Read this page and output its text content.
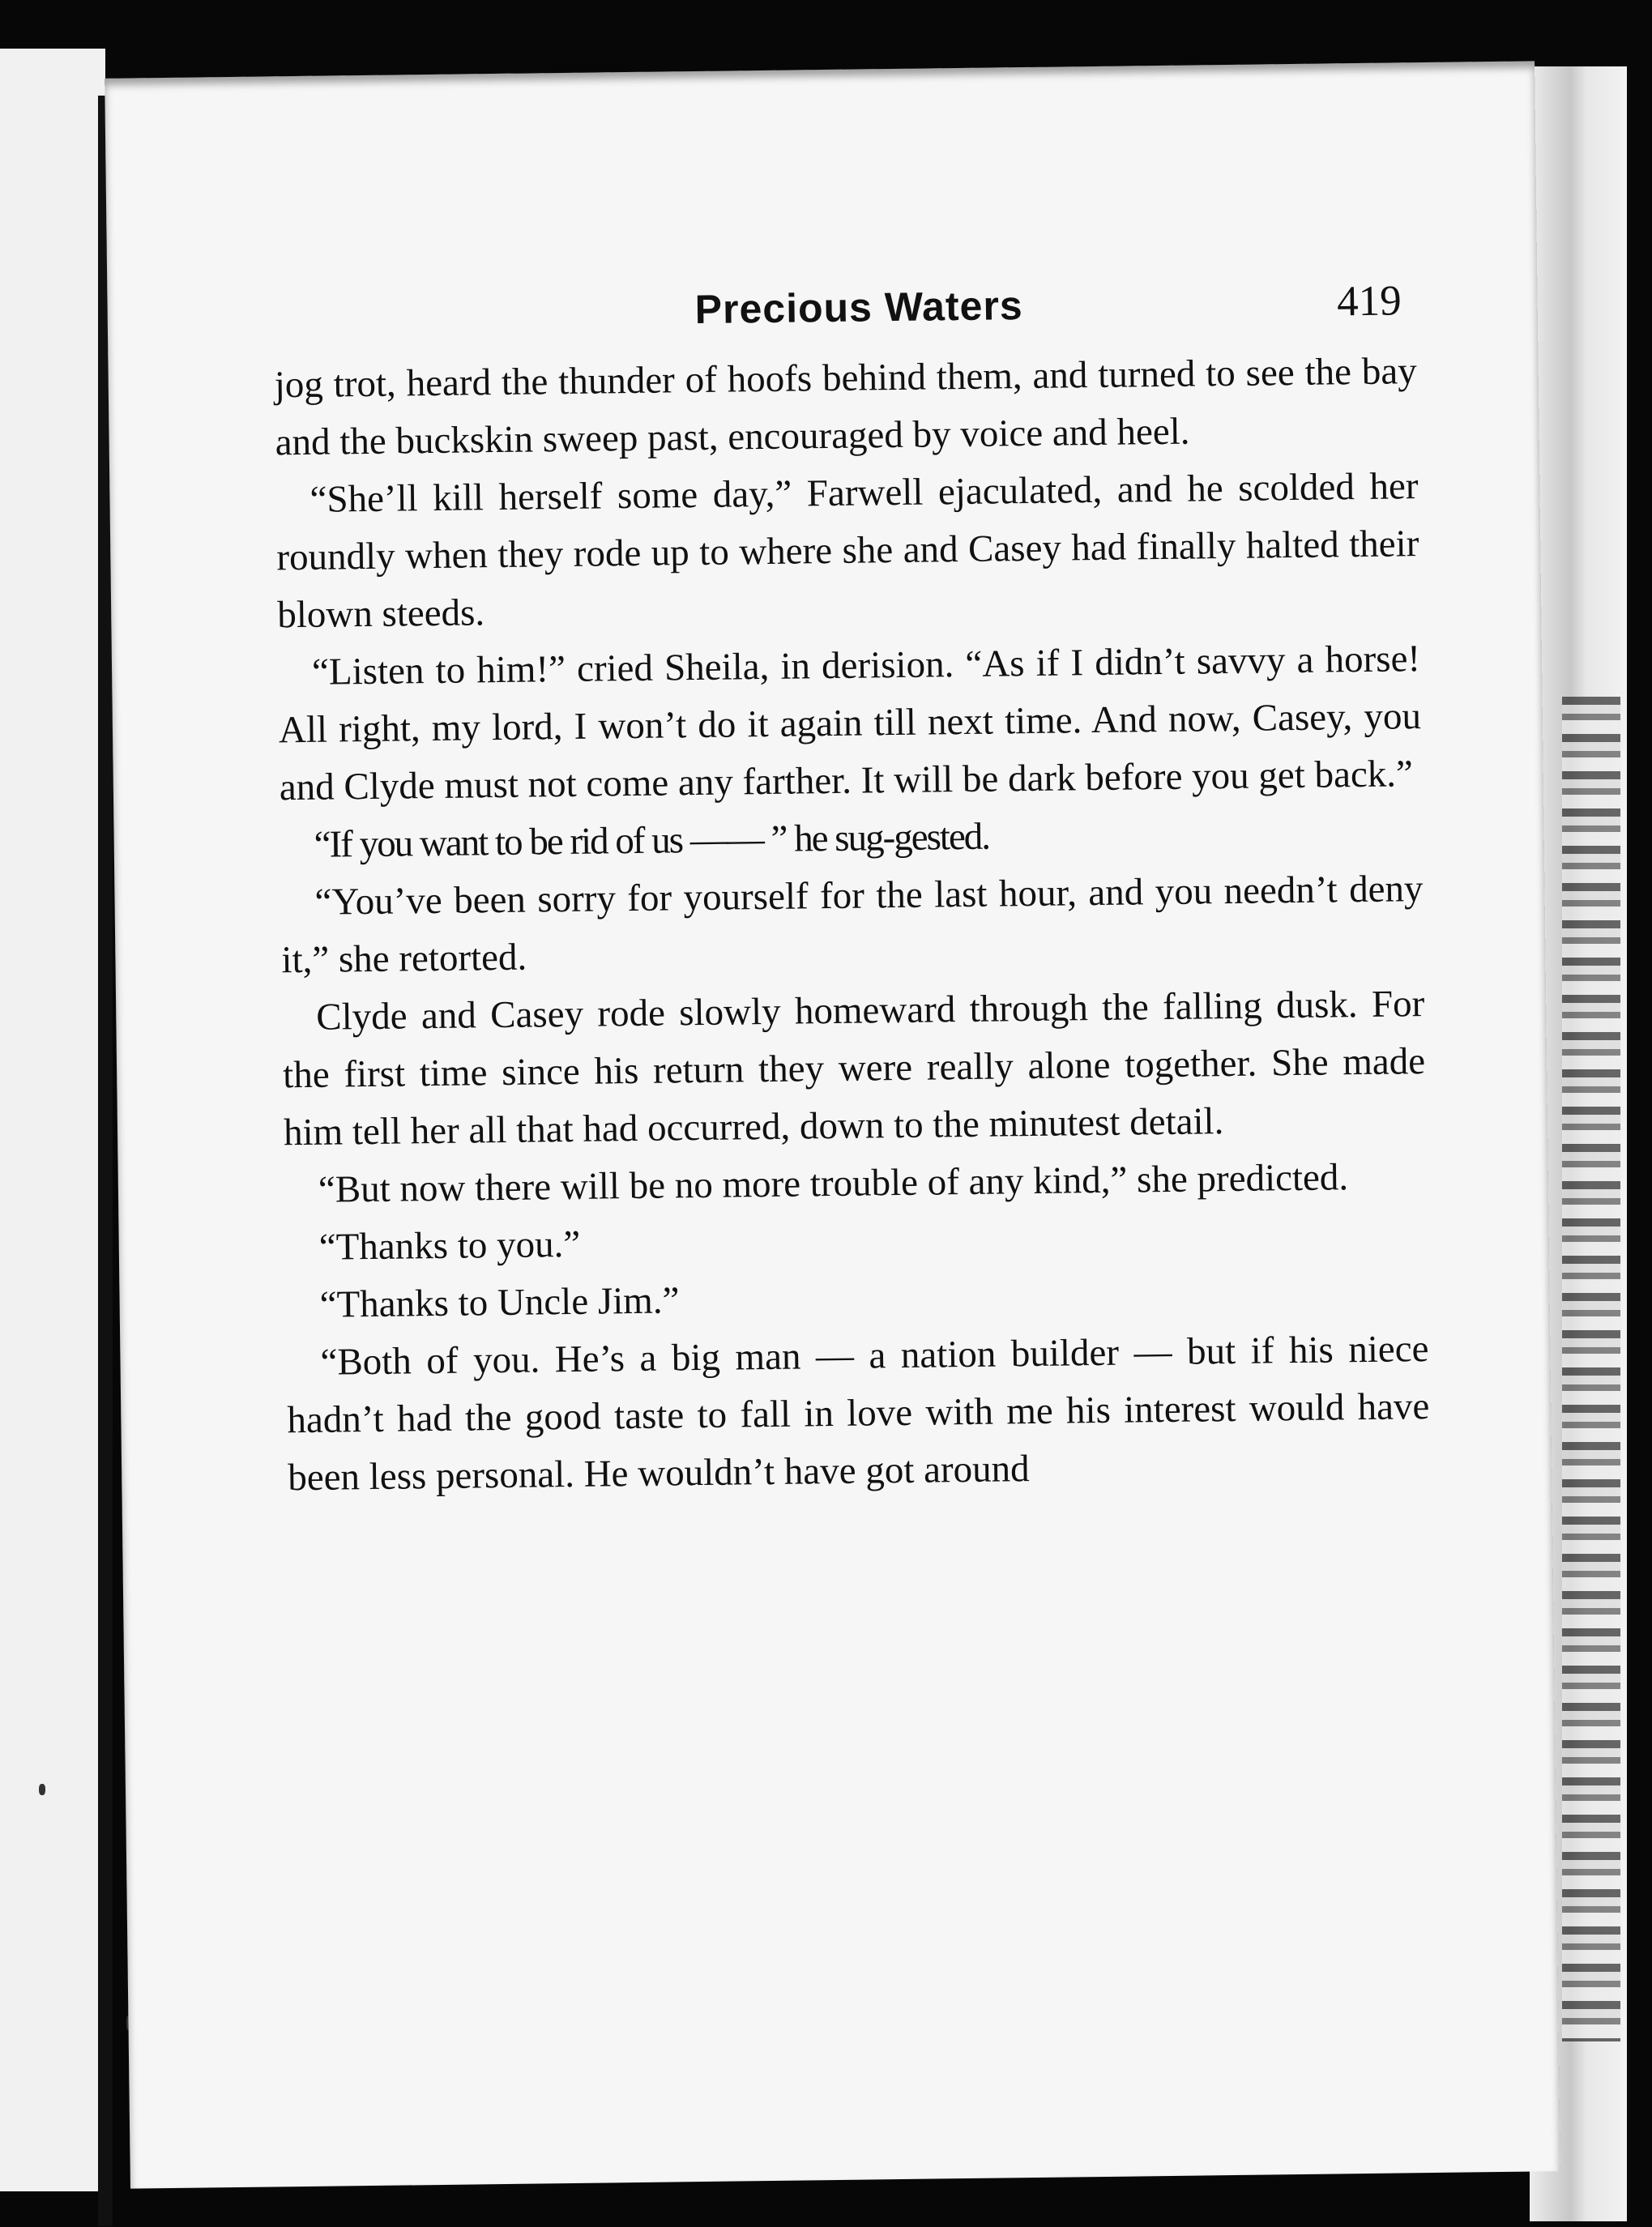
Precious Waters	419

jog trot, heard the thunder of hoofs behind them, and turned to see the bay and the buckskin sweep past, encouraged by voice and heel.

“She’ll kill herself some day,” Farwell ejaculated, and he scolded her roundly when they rode up to where she and Casey had finally halted their blown steeds.

“Listen to him!” cried Sheila, in derision. “As if I didn’t savvy a horse! All right, my lord, I won’t do it again till next time. And now, Casey, you and Clyde must not come any farther. It will be dark before you get back.”

“If you want to be rid of us —— ” he sug-gested.

“You’ve been sorry for yourself for the last hour, and you needn’t deny it,” she retorted.

Clyde and Casey rode slowly homeward through the falling dusk. For the first time since his return they were really alone together. She made him tell her all that had occurred, down to the minutest detail.

“But now there will be no more trouble of any kind,” she predicted.

“Thanks to you.”

“Thanks to Uncle Jim.”

“Both of you. He’s a big man — a nation builder — but if his niece hadn’t had the good taste to fall in love with me his interest would have been less personal. He wouldn’t have got around
